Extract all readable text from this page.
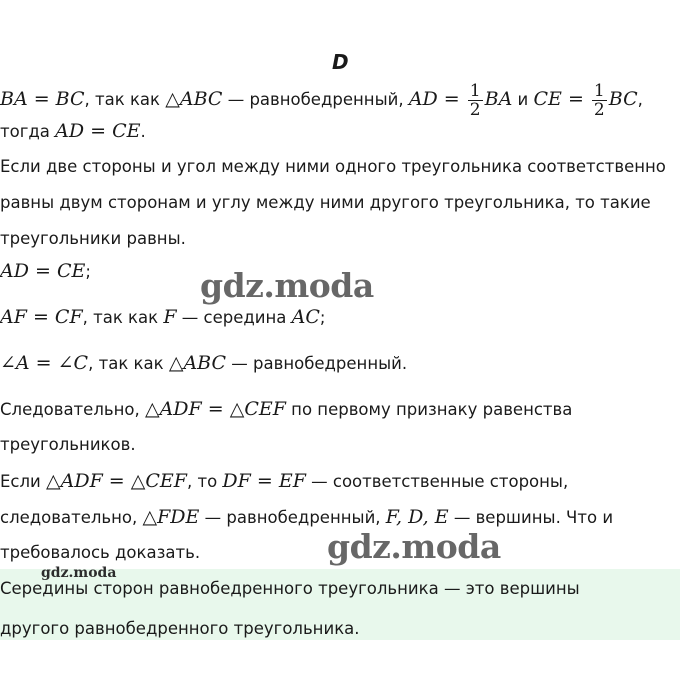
D
BA = BC, так как △ABC — равнобедренный, AD = $\frac{1}{2}$ BA и CE = $\frac{1}{2}$ BC,
тогда AD = CE.
Если две стороны и угол между ними одного треугольника соответственно
равны двум сторонам и углу между ними другого треугольника, то такие
треугольники равны.
AD = CE;
AF = CF, так как F — середина AC;
∠A = ∠C, так как △ABC — равнобедренный.
Следовательно, △ADF = △CEF по первому признаку равенства
треугольников.
Если △ADF = △CEF, то DF = EF — соответственные стороны,
следовательно, △FDE — равнобедренный, F, D, E — вершины. Что и
требовалось доказать.
Середины сторон равнобедренного треугольника — это вершины
другого равнобедренного треугольника.
gdz.moda
gdz.moda
gdz.moda
